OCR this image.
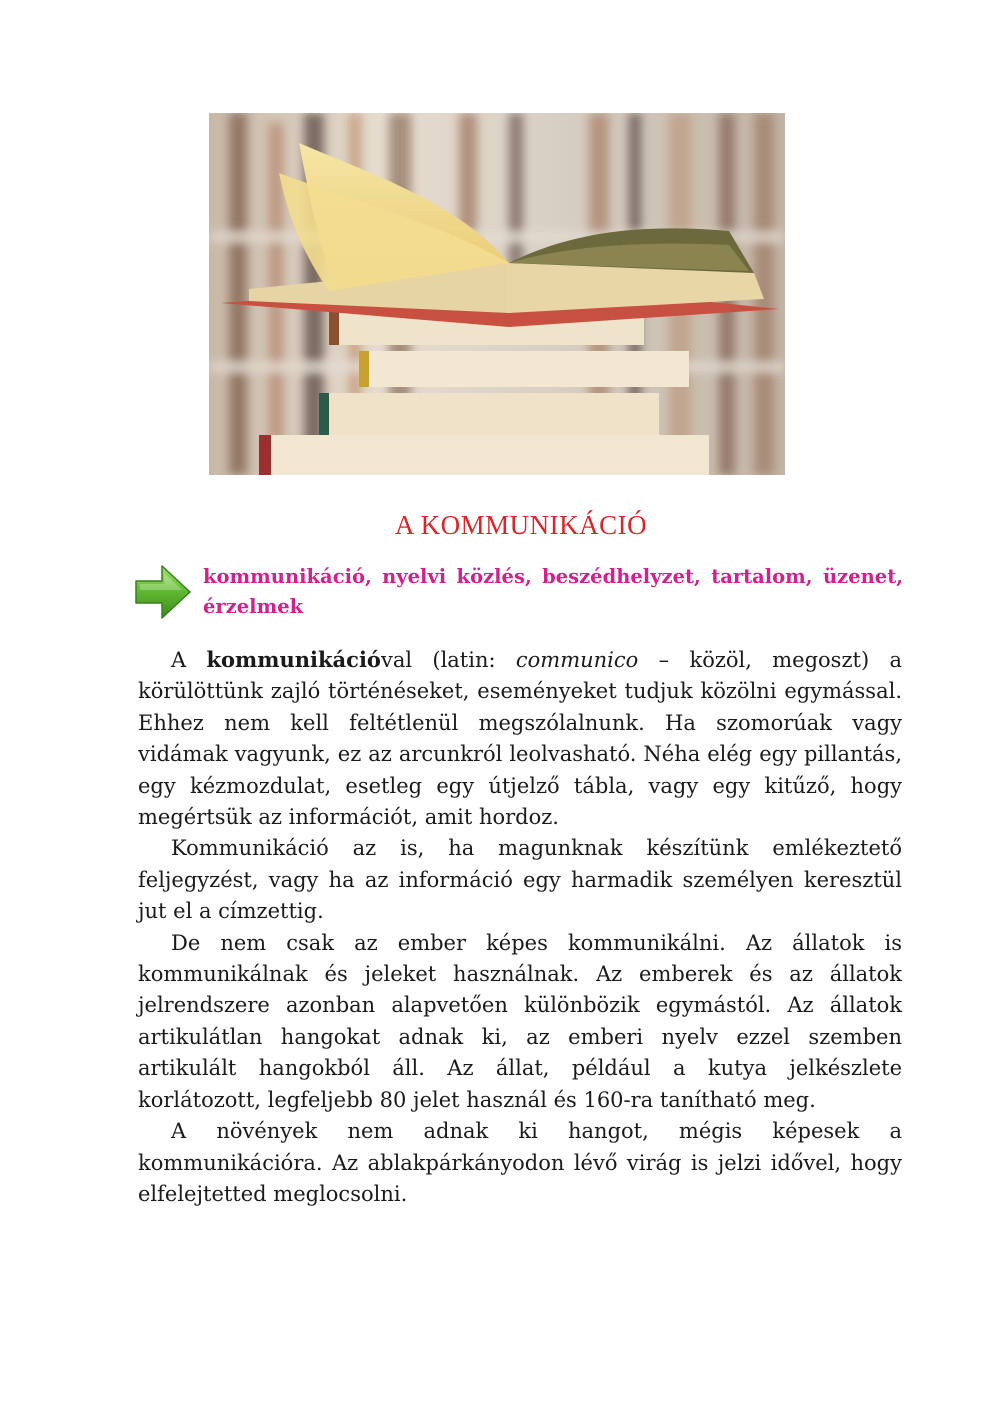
A KOMMUNIKÁCIÓ
kommunikáció, nyelvi közlés, beszédhelyzet, tartalom, üzenet, érzelmek

A kommunikációval (latin: communico – közöl, megoszt) a körülöttünk zajló történéseket, eseményeket tudjuk közölni egymással. Ehhez nem kell feltétlenül megszólalnunk. Ha szomorúak vagy vidámak vagyunk, ez az arcunkról leolvasható. Néha elég egy pillantás, egy kézmozdulat, esetleg egy útjelző tábla, vagy egy kitűző, hogy megértsük az információt, amit hordoz.

Kommunikáció az is, ha magunknak készítünk emlékeztető feljegyzést, vagy ha az információ egy harmadik személyen keresztül jut el a címzettig.

De nem csak az ember képes kommunikálni. Az állatok is kommunikálnak és jeleket használnak. Az emberek és az állatok jelrendszere azonban alapvetően különbözik egymástól. Az állatok artikulátlan hangokat adnak ki, az emberi nyelv ezzel szemben artikulált hangokból áll. Az állat, például a kutya jelkészlete korlátozott, legfeljebb 80 jelet használ és 160-ra tanítható meg.

A növények nem adnak ki hangot, mégis képesek a kommunikációra. Az ablakpárkányodon lévő virág is jelzi idővel, hogy elfelejtetted meglocsolni.
